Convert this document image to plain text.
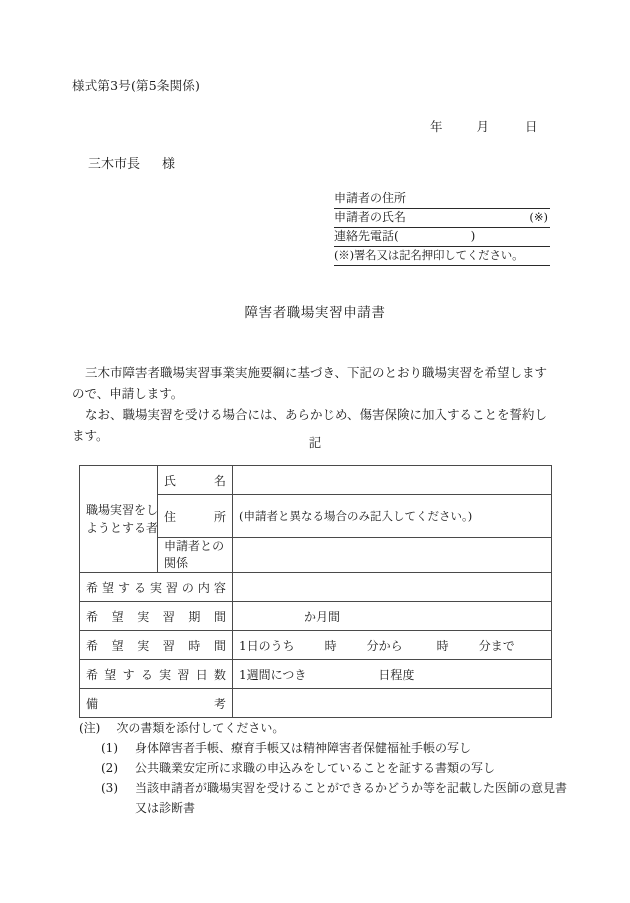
様式第3号(第5条関係)
年	月	日
三木市長 様
申請者の住所
申請者の氏名	(※)
連絡先電話(　　　　　　)
(※)署名又は記名押印してください。
障害者職場実習申請書

三木市障害者職場実習事業実施要綱に基づき、下記のとおり職場実習を希望しますので、申請します。

なお、職場実習を受ける場合には、あらかじめ、傷害保険に加入することを誓約します。	記
職場実習をし
ようとする者	氏 名	

	住 所	(申請者と異なる場合のみ記入してください。)

申 請 者 と の
関 係

希 望 す る 実 習 の 内 容

希 望 実 習 期 間	か月間

希 望 実 習 時 間	1日のうち	時	分から	時	分まで

希 望 す る 実 習 日 数	1週間につき	日程度

備 考		

(注) 次の書類を添付してください。
(1) 身体障害者手帳、療育手帳又は精神障害者保健福祉手帳の写し
(2) 公共職業安定所に求職の申込みをしていることを証する書類の写し
(3) 当該申請者が職場実習を受けることができるかどうか等を記載した医師の意見書
又は診断書
